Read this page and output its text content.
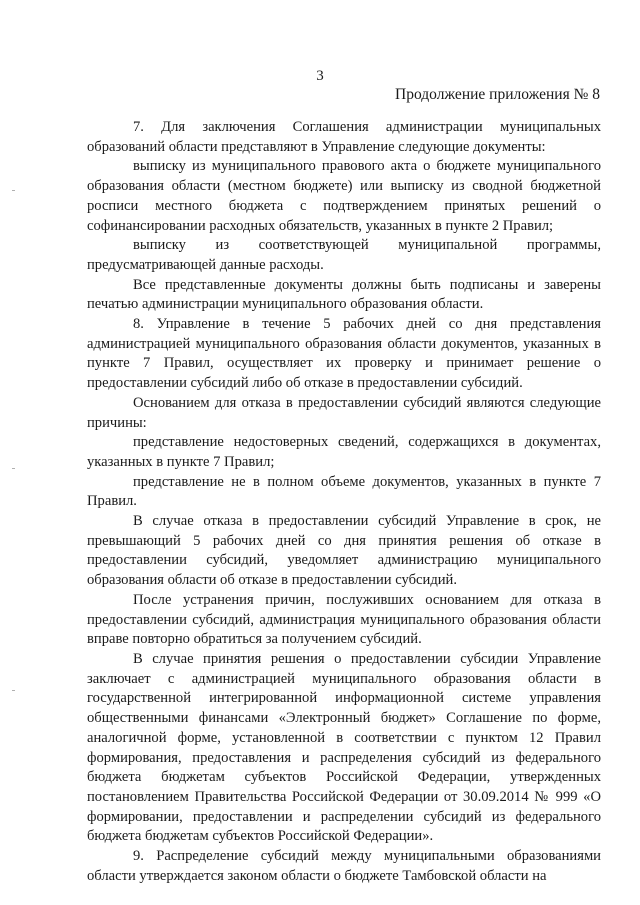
3
Продолжение приложения № 8

7. Для заключения Соглашения администрации муниципальных образований области представляют в Управление следующие документы:

выписку из муниципального правового акта о бюджете муниципального образования области (местном бюджете) или выписку из сводной бюджетной росписи местного бюджета с подтверждением принятых решений о софинансировании расходных обязательств, указанных в пункте 2 Правил;

выписку из соответствующей муниципальной программы, предусматривающей данные расходы.

Все представленные документы должны быть подписаны и заверены печатью администрации муниципального образования области.

8. Управление в течение 5 рабочих дней со дня представления администрацией муниципального образования области документов, указанных в пункте 7 Правил, осуществляет их проверку и принимает решение о предоставлении субсидий либо об отказе в предоставлении субсидий.

Основанием для отказа в предоставлении субсидий являются следующие причины:

представление недостоверных сведений, содержащихся в документах, указанных в пункте 7 Правил;

представление не в полном объеме документов, указанных в пункте 7 Правил.

В случае отказа в предоставлении субсидий Управление в срок, не превышающий 5 рабочих дней со дня принятия решения об отказе в предоставлении субсидий, уведомляет администрацию муниципального образования области об отказе в предоставлении субсидий.

После устранения причин, послуживших основанием для отказа в предоставлении субсидий, администрация муниципального образования области вправе повторно обратиться за получением субсидий.

В случае принятия решения о предоставлении субсидии Управление заключает с администрацией муниципального образования области в государственной интегрированной информационной системе управления общественными финансами «Электронный бюджет» Соглашение по форме, аналогичной форме, установленной в соответствии с пунктом 12 Правил формирования, предоставления и распределения субсидий из федерального бюджета бюджетам субъектов Российской Федерации, утвержденных постановлением Правительства Российской Федерации от 30.09.2014 № 999 «О формировании, предоставлении и распределении субсидий из федерального бюджета бюджетам субъектов Российской Федерации».

9. Распределение субсидий между муниципальными образованиями области утверждается законом области о бюджете Тамбовской области на
